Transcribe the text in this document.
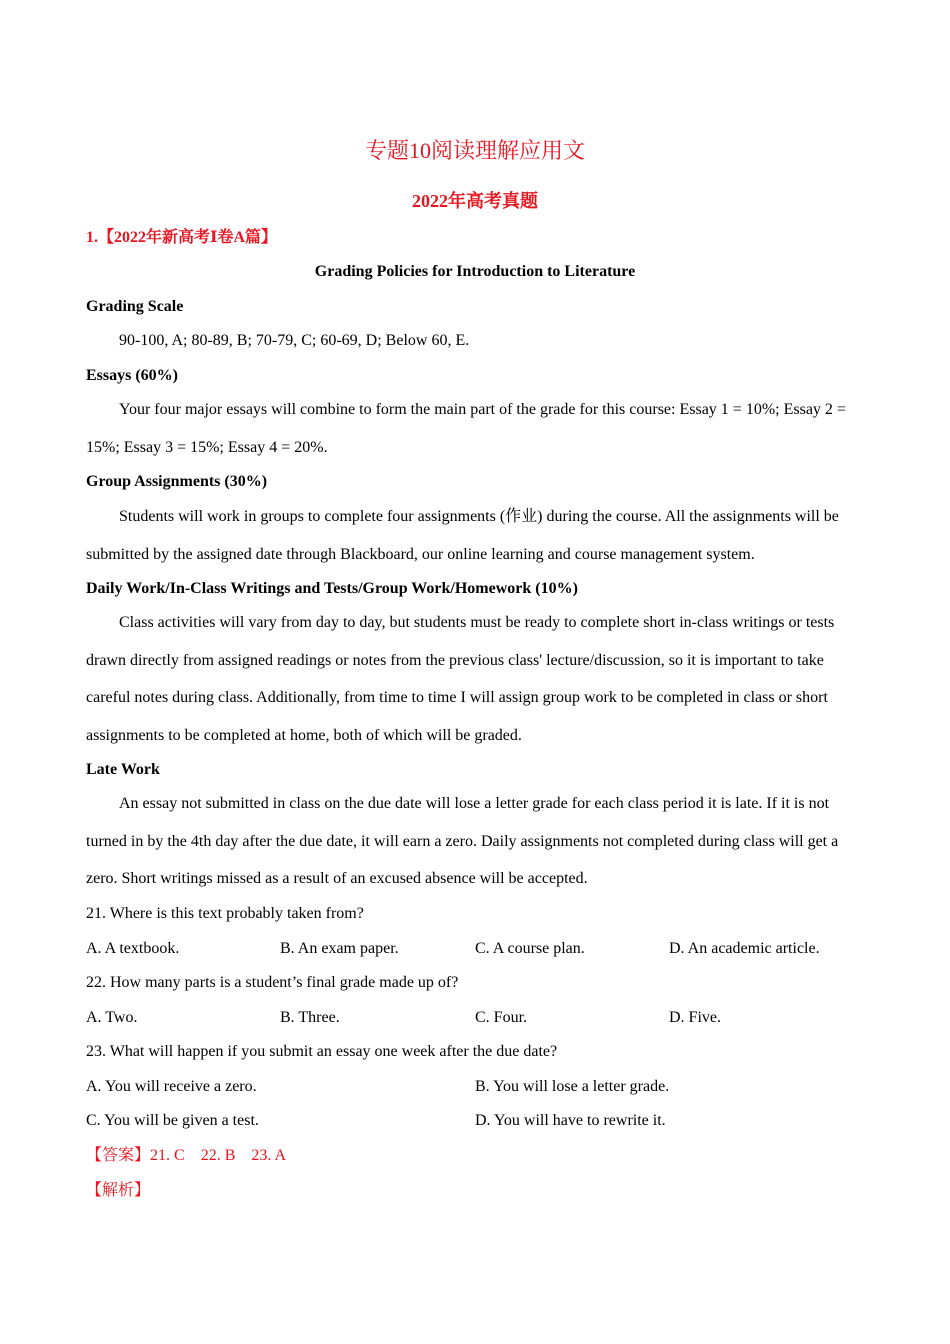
专题10阅读理解应用文
2022年高考真题
1.【2022年新高考Ⅰ卷A篇】
Grading Policies for Introduction to Literature
Grading Scale
90-100, A; 80-89, B; 70-79, C; 60-69, D; Below 60, E.
Essays (60%)
Your four major essays will combine to form the main part of the grade for this course: Essay 1 = 10%; Essay 2 = 15%; Essay 3 = 15%; Essay 4 = 20%.
Group Assignments (30%)
Students will work in groups to complete four assignments (作业) during the course. All the assignments will be submitted by the assigned date through Blackboard, our online learning and course management system.
Daily Work/In-Class Writings and Tests/Group Work/Homework (10%)
Class activities will vary from day to day, but students must be ready to complete short in-class writings or tests drawn directly from assigned readings or notes from the previous class' lecture/discussion, so it is important to take careful notes during class. Additionally, from time to time I will assign group work to be completed in class or short assignments to be completed at home, both of which will be graded.
Late Work
An essay not submitted in class on the due date will lose a letter grade for each class period it is late. If it is not turned in by the 4th day after the due date, it will earn a zero. Daily assignments not completed during class will get a zero. Short writings missed as a result of an excused absence will be accepted.
21. Where is this text probably taken from?
A. A textbook.	B. An exam paper.	C. A course plan.	D. An academic article.
22. How many parts is a student’s final grade made up of?
A. Two.	B. Three.	C. Four.	D. Five.
23. What will happen if you submit an essay one week after the due date?
A. You will receive a zero.	B. You will lose a letter grade.
C. You will be given a test.	D. You will have to rewrite it.
【答案】21. C    22. B    23. A
【解析】
